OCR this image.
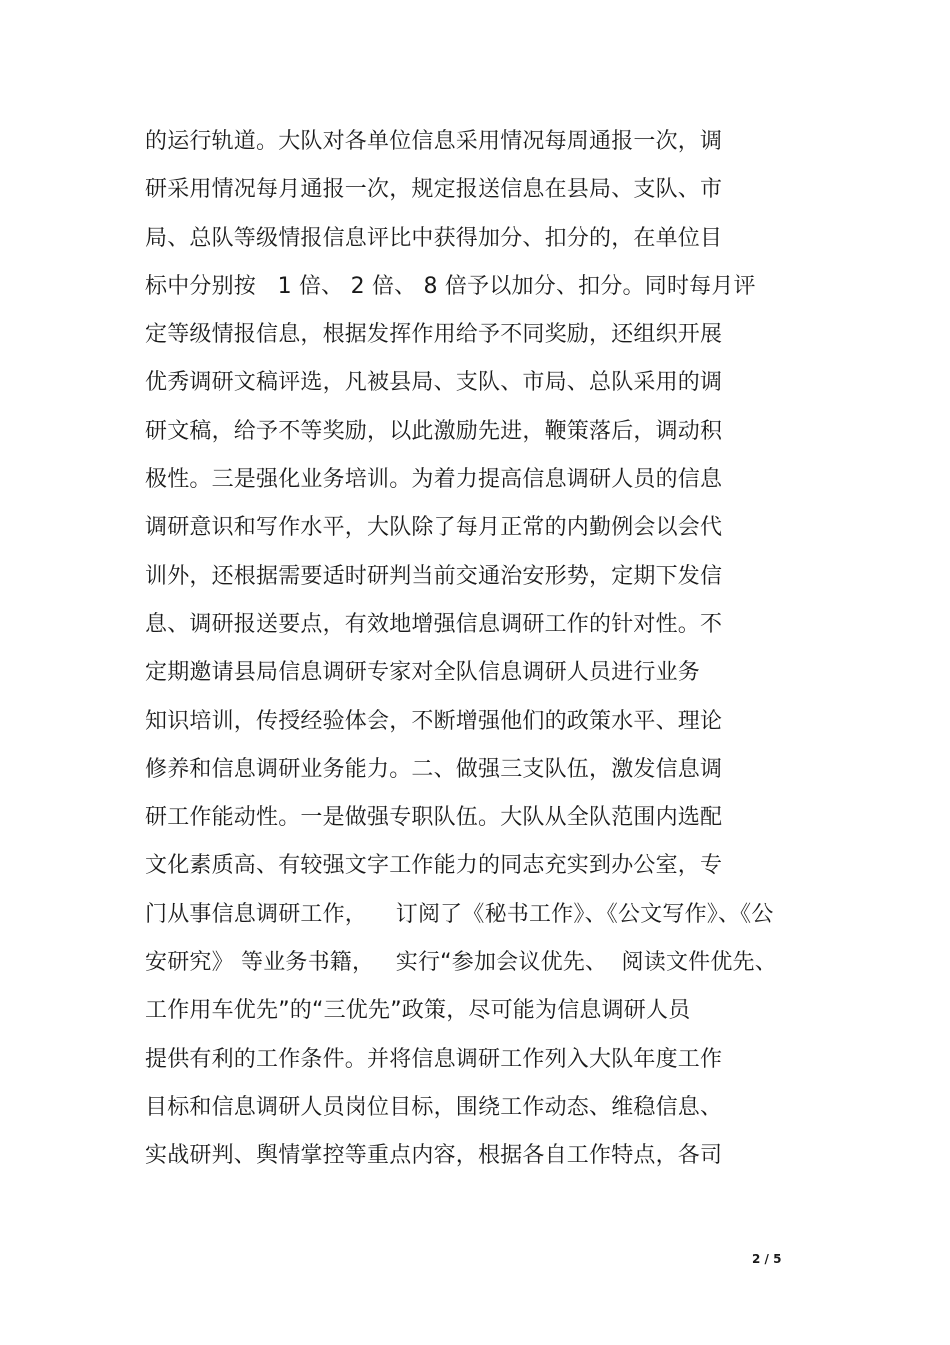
的运行轨道。大队对各单位信息采用情况每周通报一次，调
研采用情况每月通报一次，规定报送信息在县局、支队、市
局、总队等级情报信息评比中获得加分、扣分的，在单位目
标中分别按   1 倍、 2 倍、 8 倍予以加分、扣分。同时每月评
定等级情报信息，根据发挥作用给予不同奖励，还组织开展
优秀调研文稿评选，凡被县局、支队、市局、总队采用的调
研文稿，给予不等奖励，以此激励先进，鞭策落后，调动积
极性。三是强化业务培训。为着力提高信息调研人员的信息
调研意识和写作水平，大队除了每月正常的内勤例会以会代
训外，还根据需要适时研判当前交通治安形势，定期下发信
息、调研报送要点，有效地增强信息调研工作的针对性。不
定期邀请县局信息调研专家对全队信息调研人员进行业务
知识培训，传授经验体会，不断增强他们的政策水平、理论
修养和信息调研业务能力。二、做强三支队伍，激发信息调
研工作能动性。一是做强专职队伍。大队从全队范围内选配
文化素质高、有较强文字工作能力的同志充实到办公室，专
门从事信息调研工作，    订阅了《秘书工作》、《公文写作》、《公
安研究》 等业务书籍，   实行“参加会议优先、  阅读文件优先、
工作用车优先”的“三优先”政策，尽可能为信息调研人员
提供有利的工作条件。并将信息调研工作列入大队年度工作
目标和信息调研人员岗位目标，围绕工作动态、维稳信息、
实战研判、舆情掌控等重点内容，根据各自工作特点，各司
2 / 5
